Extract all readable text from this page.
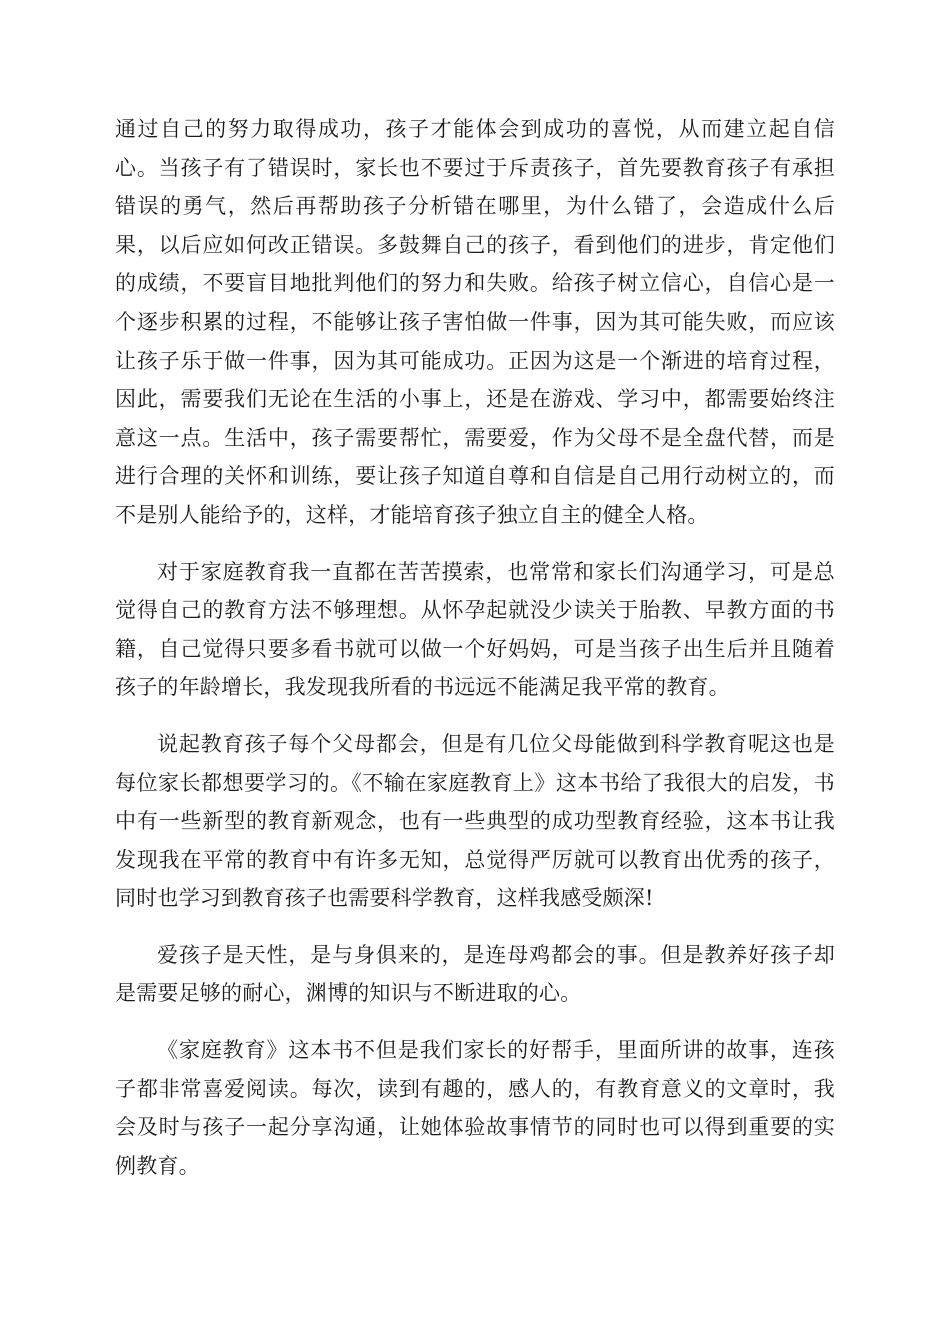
通过自己的努力取得成功，孩子才能体会到成功的喜悦，从而建立起自信心。当孩子有了错误时，家长也不要过于斥责孩子，首先要教育孩子有承担错误的勇气，然后再帮助孩子分析错在哪里，为什么错了，会造成什么后果，以后应如何改正错误。多鼓舞自己的孩子，看到他们的进步，肯定他们的成绩，不要盲目地批判他们的努力和失败。给孩子树立信心，自信心是一个逐步积累的过程，不能够让孩子害怕做一件事，因为其可能失败，而应该让孩子乐于做一件事，因为其可能成功。正因为这是一个渐进的培育过程，因此，需要我们无论在生活的小事上，还是在游戏、学习中，都需要始终注意这一点。生活中，孩子需要帮忙，需要爱，作为父母不是全盘代替，而是进行合理的关怀和训练，要让孩子知道自尊和自信是自己用行动树立的，而不是别人能给予的，这样，才能培育孩子独立自主的健全人格。

对于家庭教育我一直都在苦苦摸索，也常常和家长们沟通学习，可是总觉得自己的教育方法不够理想。从怀孕起就没少读关于胎教、早教方面的书籍，自己觉得只要多看书就可以做一个好妈妈，可是当孩子出生后并且随着孩子的年龄增长，我发现我所看的书远远不能满足我平常的教育。

说起教育孩子每个父母都会，但是有几位父母能做到科学教育呢这也是每位家长都想要学习的。《不输在家庭教育上》这本书给了我很大的启发，书中有一些新型的教育新观念，也有一些典型的成功型教育经验，这本书让我发现我在平常的教育中有许多无知，总觉得严厉就可以教育出优秀的孩子，同时也学习到教育孩子也需要科学教育，这样我感受颇深!

爱孩子是天性，是与身俱来的，是连母鸡都会的事。但是教养好孩子却是需要足够的耐心，渊博的知识与不断进取的心。

《家庭教育》这本书不但是我们家长的好帮手，里面所讲的故事，连孩子都非常喜爱阅读。每次，读到有趣的，感人的，有教育意义的文章时，我会及时与孩子一起分享沟通，让她体验故事情节的同时也可以得到重要的实例教育。
